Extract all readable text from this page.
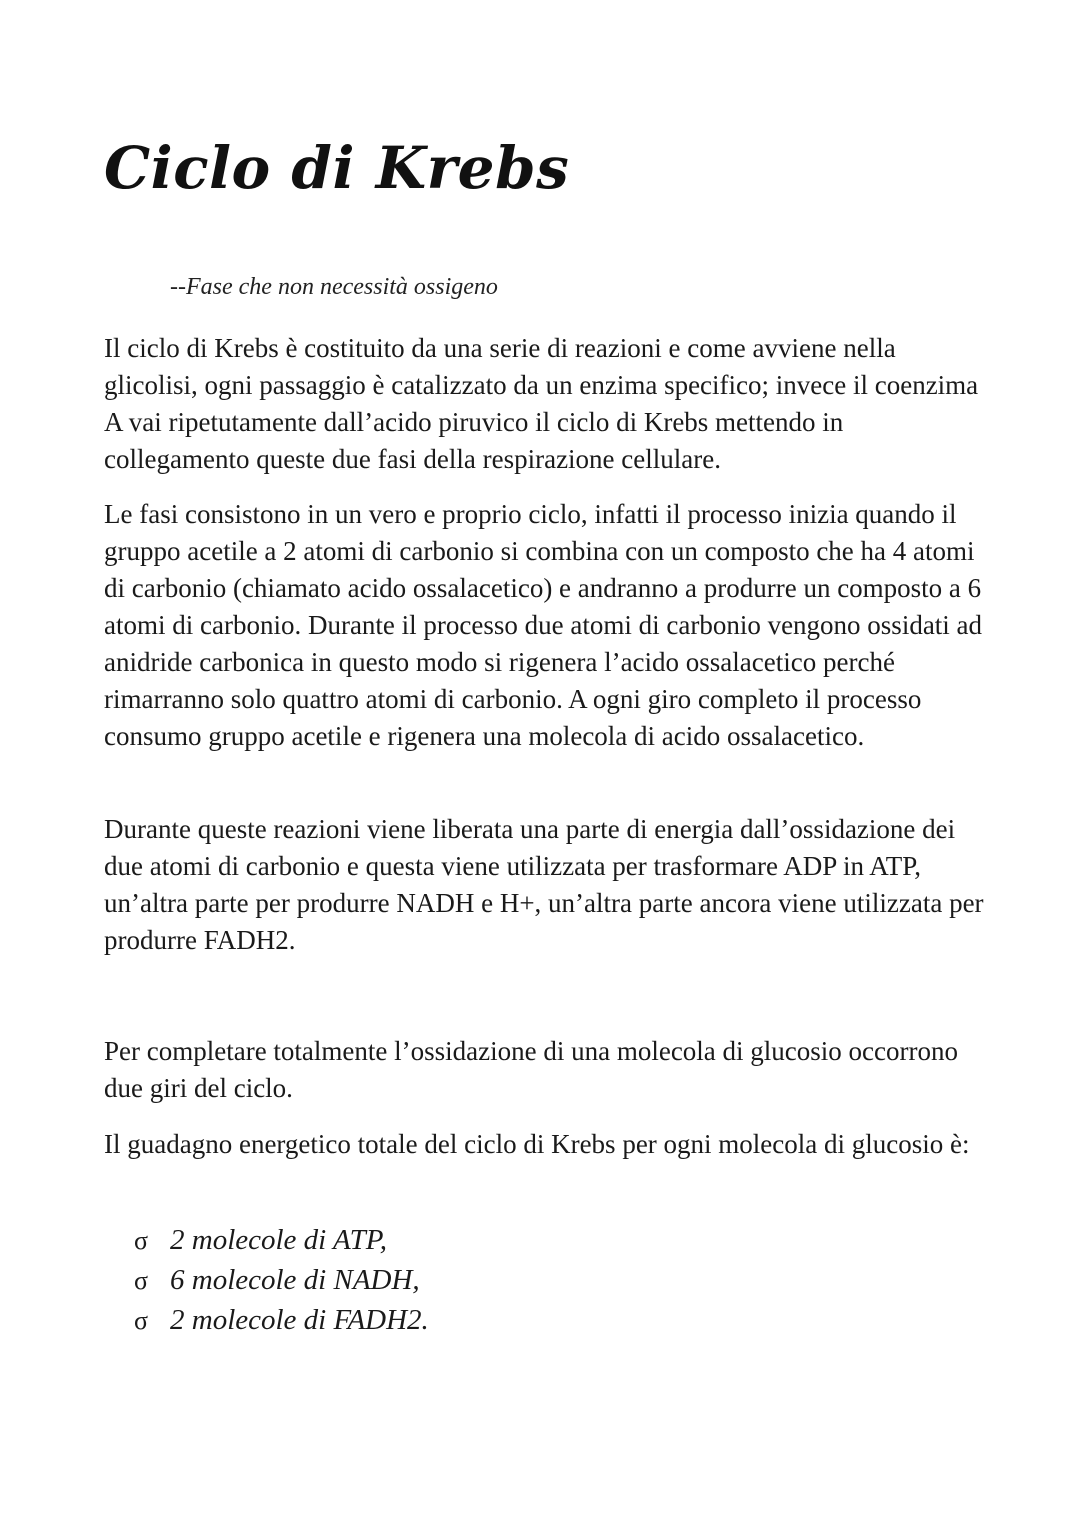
Ciclo di Krebs

--Fase che non necessità ossigeno

Il ciclo di Krebs è costituito da una serie di reazioni e come avviene nella glicolisi, ogni passaggio è catalizzato da un enzima specifico; invece il coenzima A vai ripetutamente dall’acido piruvico il ciclo di Krebs mettendo in collegamento queste due fasi della respirazione cellulare.

Le fasi consistono in un vero e proprio ciclo, infatti il processo inizia quando il gruppo acetile a 2 atomi di carbonio si combina con un composto che ha 4 atomi di carbonio (chiamato acido ossalacetico) e andranno a produrre un composto a 6 atomi di carbonio. Durante il processo due atomi di carbonio vengono ossidati ad anidride carbonica in questo modo si rigenera l’acido ossalacetico perché rimarranno solo quattro atomi di carbonio. A ogni giro completo il processo consumo gruppo acetile e rigenera una molecola di acido ossalacetico.

Durante queste reazioni viene liberata una parte di energia dall’ossidazione dei due atomi di carbonio e questa viene utilizzata per trasformare ADP in ATP, un’altra parte per produrre NADH e H+, un’altra parte ancora viene utilizzata per produrre FADH2.

Per completare totalmente l’ossidazione di una molecola di glucosio occorrono due giri del ciclo.

Il guadagno energetico totale del ciclo di Krebs per ogni molecola di glucosio è:

σ 2 molecole di ATP,
σ 6 molecole di NADH,
σ 2 molecole di FADH2.
